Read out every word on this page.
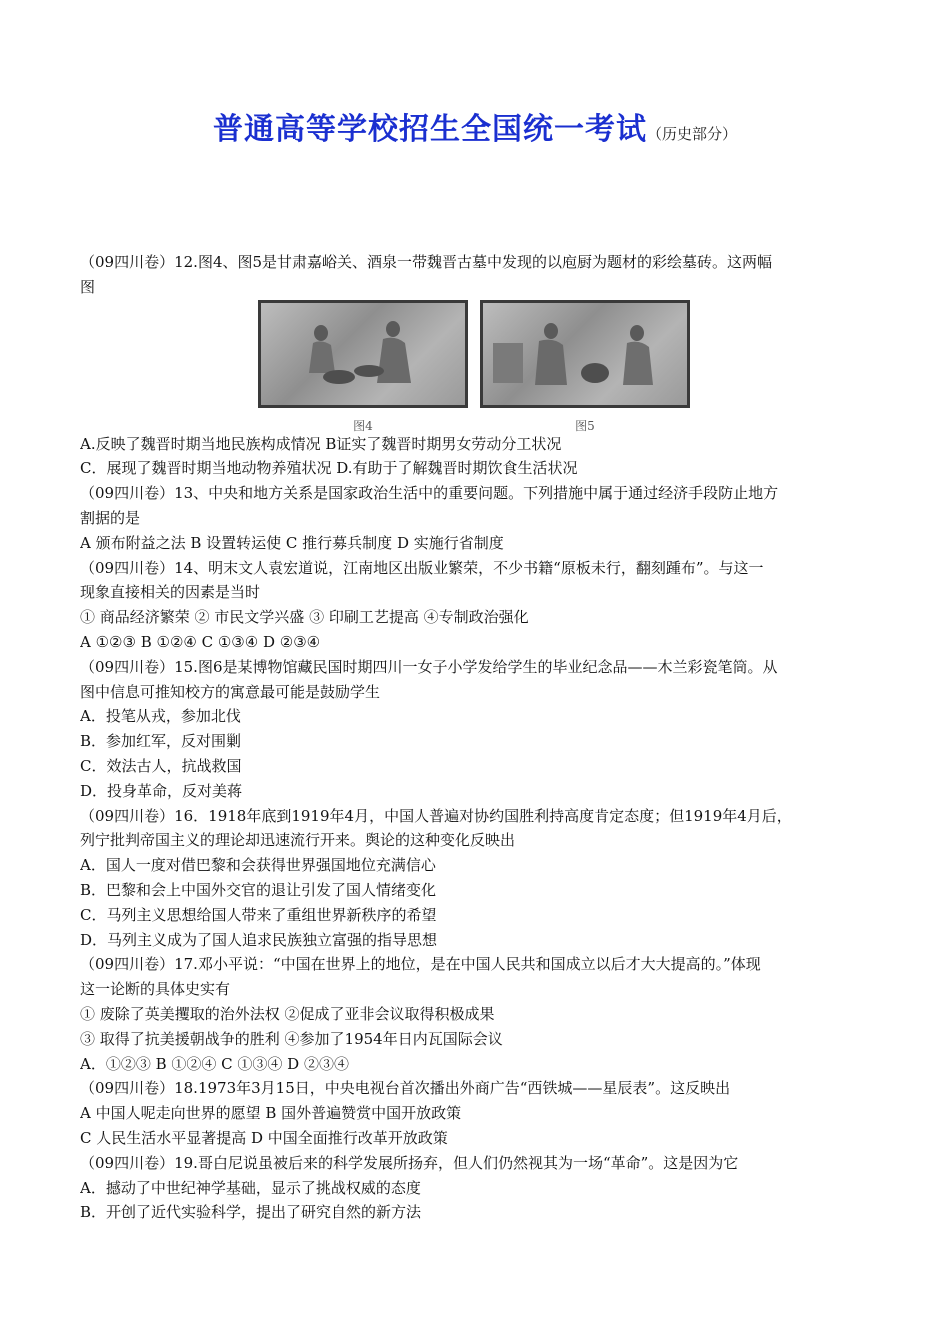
普通高等学校招生全国统一考试（历史部分）
（09四川卷）12.图4、图5是甘肃嘉峪关、酒泉一带魏晋古墓中发现的以庖厨为题材的彩绘墓砖。这两幅
图
图4	图5
A.反映了魏晋时期当地民族构成情况 B证实了魏晋时期男女劳动分工状况
C．展现了魏晋时期当地动物养殖状况 D.有助于了解魏晋时期饮食生活状况
（09四川卷）13、中央和地方关系是国家政治生活中的重要问题。下列措施中属于通过经济手段防止地方
割据的是
A 颁布附益之法 B 设置转运使 C 推行募兵制度 D 实施行省制度
（09四川卷）14、明末文人袁宏道说，江南地区出版业繁荣，不少书籍“原板未行，翻刻踵布”。与这一
现象直接相关的因素是当时
① 商品经济繁荣 ② 市民文学兴盛 ③ 印刷工艺提高 ④专制政治强化
A ①②③ B ①②④ C ①③④ D ②③④
（09四川卷）15.图6是某博物馆藏民国时期四川一女子小学发给学生的毕业纪念品——木兰彩瓷笔筒。从
图中信息可推知校方的寓意最可能是鼓励学生
A．投笔从戎，参加北伐
B．参加红军，反对围剿
C．效法古人，抗战救国
D．投身革命，反对美蒋
（09四川卷）16．1918年底到1919年4月，中国人普遍对协约国胜利持高度肯定态度；但1919年4月后，
列宁批判帝国主义的理论却迅速流行开来。舆论的这种变化反映出
A．国人一度对借巴黎和会获得世界强国地位充满信心
B．巴黎和会上中国外交官的退让引发了国人情绪变化
C．马列主义思想给国人带来了重组世界新秩序的希望
D．马列主义成为了国人追求民族独立富强的指导思想
（09四川卷）17.邓小平说：“中国在世界上的地位，是在中国人民共和国成立以后才大大提高的。”体现
这一论断的具体史实有
① 废除了英美攫取的治外法权 ②促成了亚非会议取得积极成果
③ 取得了抗美援朝战争的胜利 ④参加了1954年日内瓦国际会议
A．①②③ B ①②④ C ①③④ D ②③④
（09四川卷）18.1973年3月15日，中央电视台首次播出外商广告“西铁城——星辰表”。这反映出
A 中国人呢走向世界的愿望 B 国外普遍赞赏中国开放政策
C 人民生活水平显著提高 D 中国全面推行改革开放政策
（09四川卷）19.哥白尼说虽被后来的科学发展所扬弃，但人们仍然视其为一场“革命”。这是因为它
A．撼动了中世纪神学基础，显示了挑战权威的态度
B．开创了近代实验科学，提出了研究自然的新方法
